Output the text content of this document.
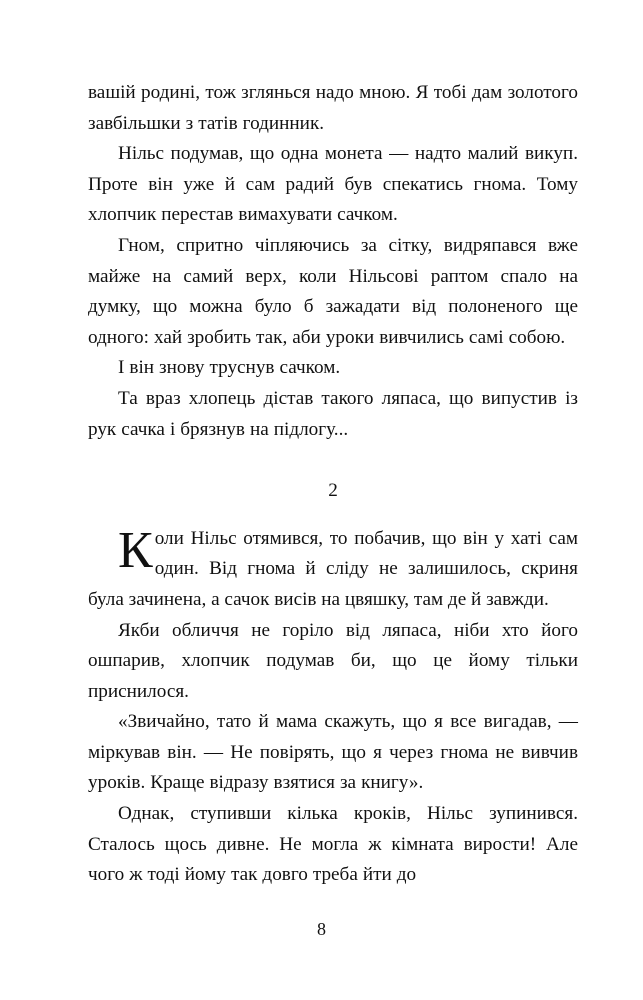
вашій родині, тож зглянься надо мною. Я тобі дам золотого завбільшки з татів годинник.

Нільс подумав, що одна монета — надто малий викуп. Проте він уже й сам радий був спекатись гнома. Тому хлопчик перестав вимахувати сачком.

Гном, спритно чіпляючись за сітку, видряпався вже майже на самий верх, коли Нільсові раптом спало на думку, що можна було б зажадати від полоненого ще одного: хай зробить так, аби уроки вивчились самі собою.

І він знову труснув сачком.

Та враз хлопець дістав такого ляпаса, що випустив із рук сачка і брязнув на підлогу...

2

Коли Нільс отямився, то побачив, що він у хаті сам один. Від гнома й сліду не залишилось, скриня була зачинена, а сачок висів на цвяшку, там де й завжди.

Якби обличчя не горіло від ляпаса, ніби хто його ошпарив, хлопчик подумав би, що це йому тільки приснилося.

«Звичайно, тато й мама скажуть, що я все вигадав, — міркував він. — Не повірять, що я через гнома не вивчив уроків. Краще відразу взятися за книгу».

Однак, ступивши кілька кроків, Нільс зупинився. Сталось щось дивне. Не могла ж кімната вирости! Але чого ж тоді йому так довго треба йти до

8
